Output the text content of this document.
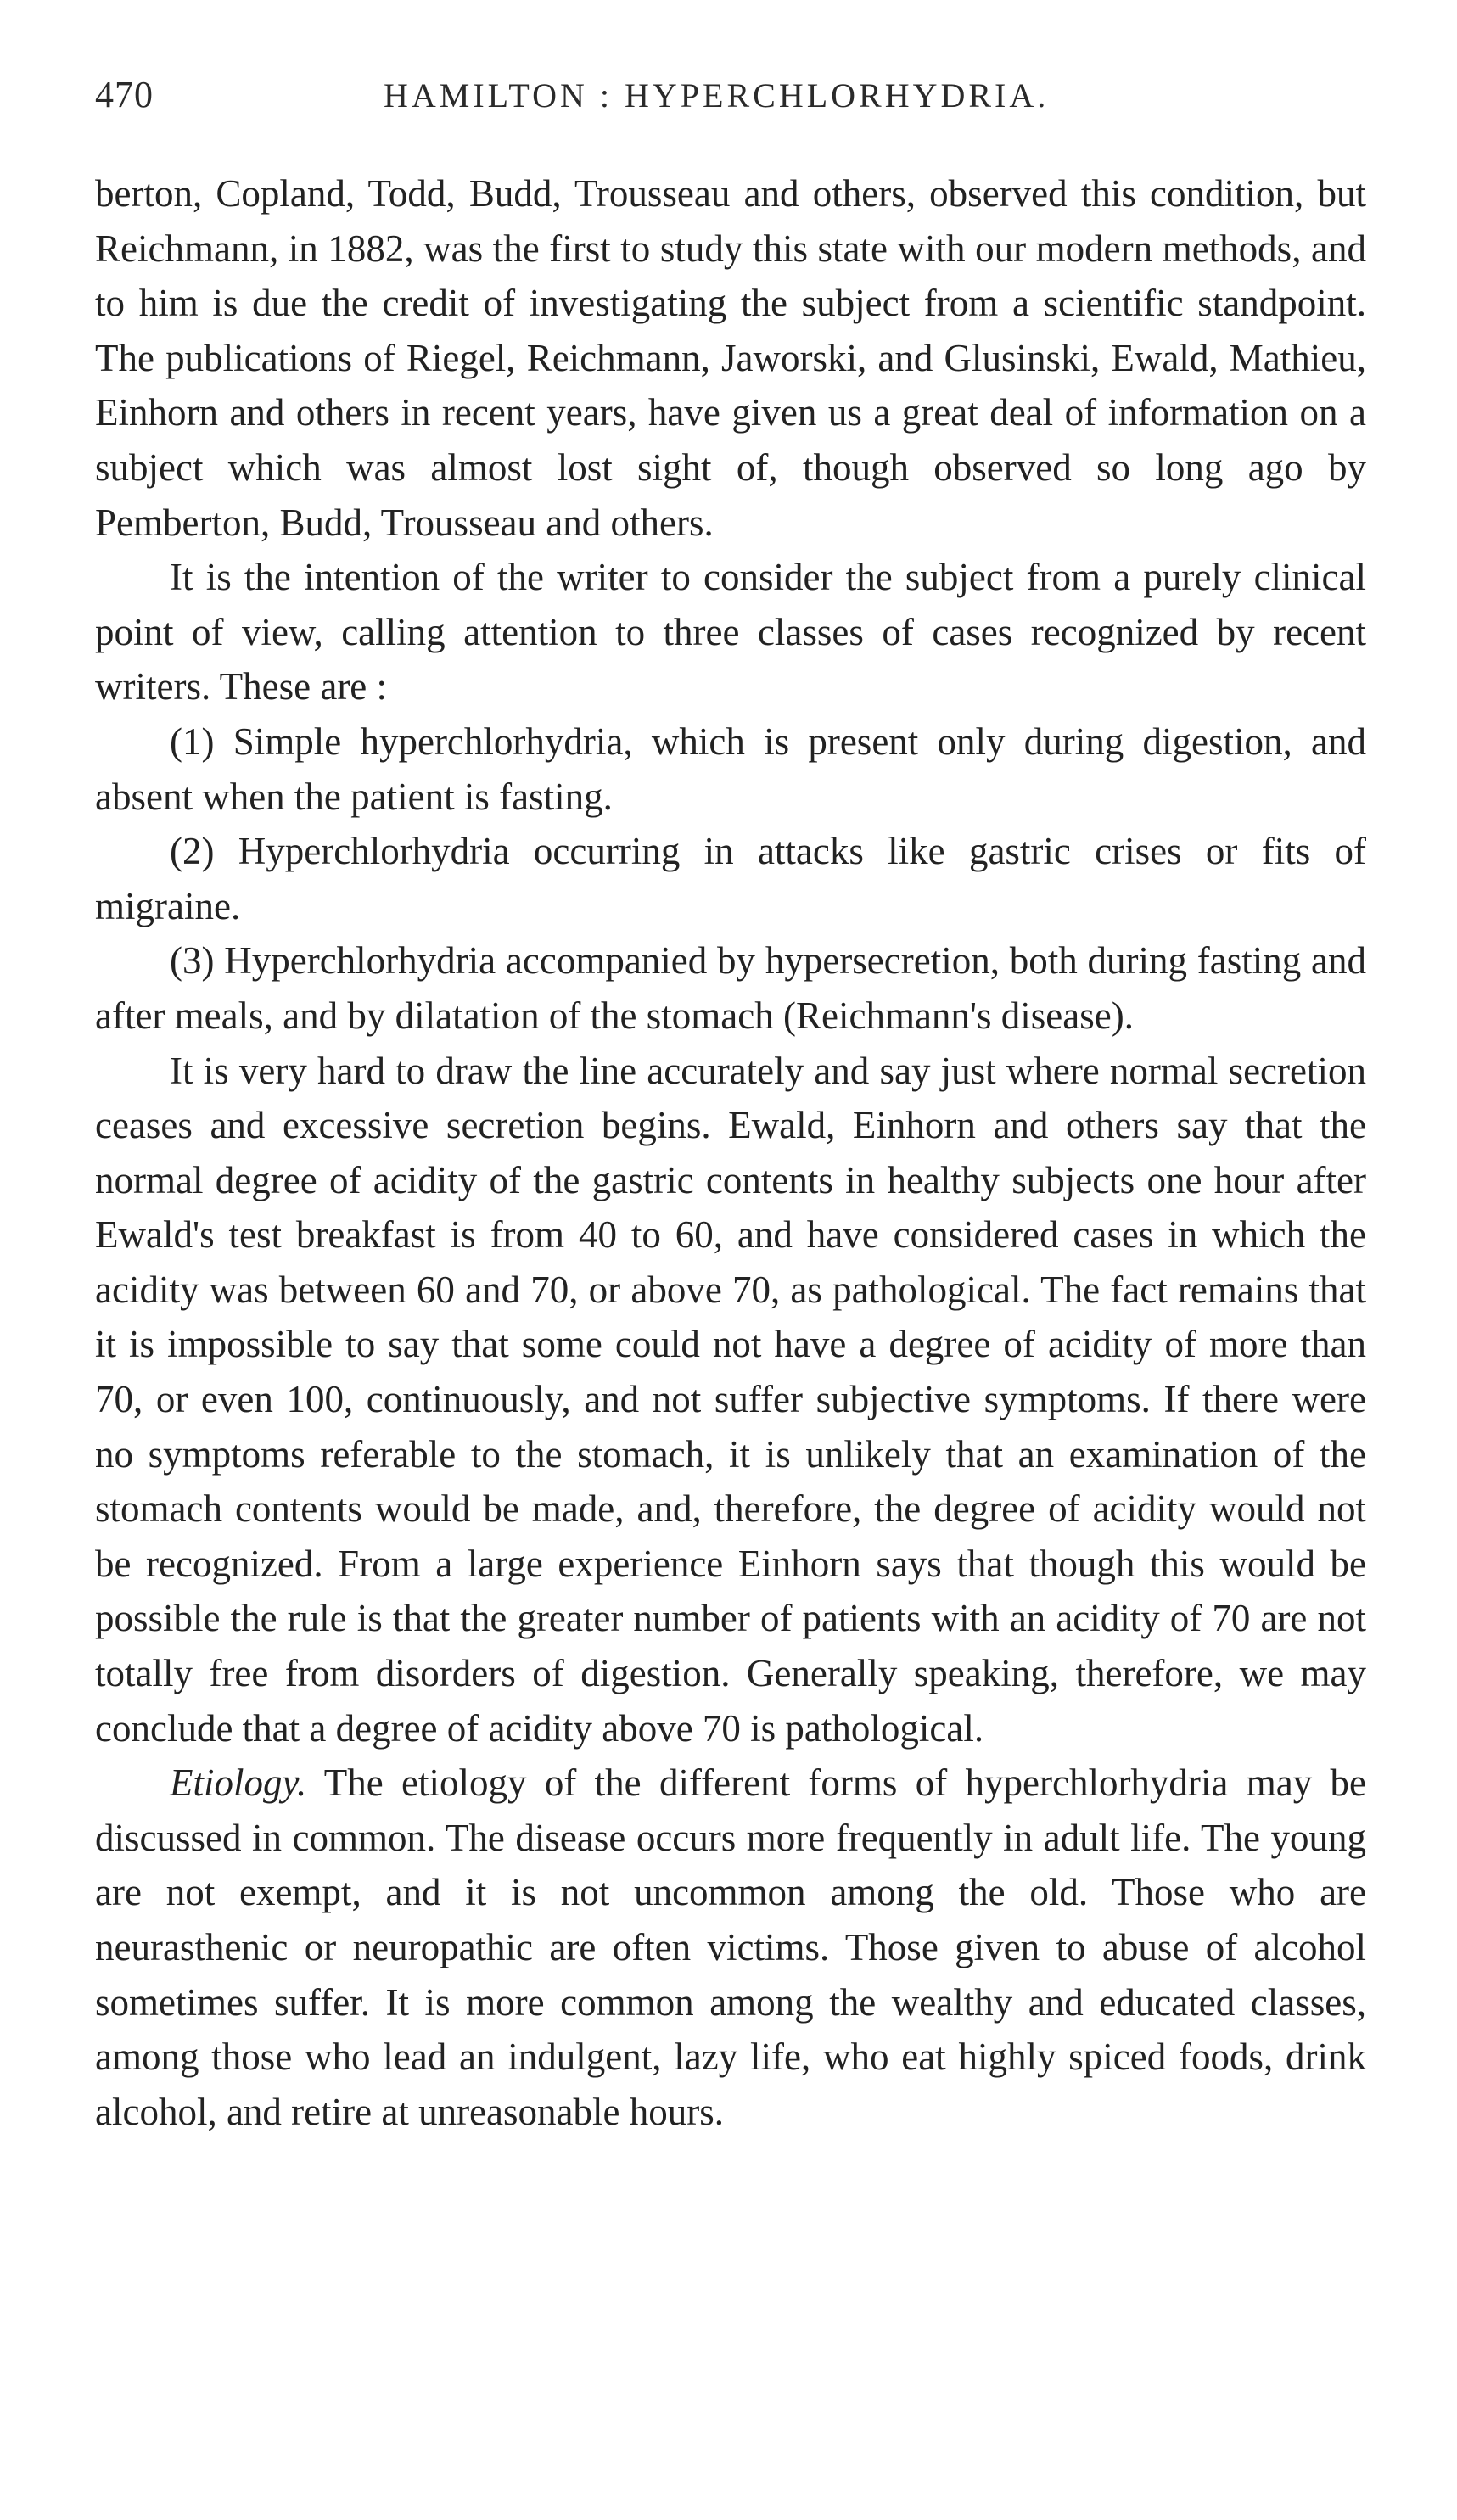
470	HAMILTON : HYPERCHLORHYDRIA.

berton, Copland, Todd, Budd, Trousseau and others, observed this condition, but Reichmann, in 1882, was the first to study this state with our modern methods, and to him is due the credit of investigating the subject from a scientific standpoint. The publications of Riegel, Reichmann, Jaworski, and Glusinski, Ewald, Mathieu, Einhorn and others in recent years, have given us a great deal of information on a subject which was almost lost sight of, though observed so long ago by Pemberton, Budd, Trousseau and others.

It is the intention of the writer to consider the subject from a purely clinical point of view, calling attention to three classes of cases recognized by recent writers. These are :

(1) Simple hyperchlorhydria, which is present only during digestion, and absent when the patient is fasting.

(2) Hyperchlorhydria occurring in attacks like gastric crises or fits of migraine.

(3) Hyperchlorhydria accompanied by hypersecretion, both during fasting and after meals, and by dilatation of the stomach (Reichmann's disease).

It is very hard to draw the line accurately and say just where normal secretion ceases and excessive secretion begins. Ewald, Einhorn and others say that the normal degree of acidity of the gastric contents in healthy subjects one hour after Ewald's test breakfast is from 40 to 60, and have considered cases in which the acidity was between 60 and 70, or above 70, as pathological. The fact remains that it is impossible to say that some could not have a degree of acidity of more than 70, or even 100, continuously, and not suffer subjective symptoms. If there were no symptoms referable to the stomach, it is unlikely that an examination of the stomach contents would be made, and, therefore, the degree of acidity would not be recognized. From a large experience Einhorn says that though this would be possible the rule is that the greater number of patients with an acidity of 70 are not totally free from disorders of digestion. Generally speaking, therefore, we may conclude that a degree of acidity above 70 is pathological.

Etiology. The etiology of the different forms of hyperchlorhydria may be discussed in common. The disease occurs more frequently in adult life. The young are not exempt, and it is not uncommon among the old. Those who are neurasthenic or neuropathic are often victims. Those given to abuse of alcohol sometimes suffer. It is more common among the wealthy and educated classes, among those who lead an indulgent, lazy life, who eat highly spiced foods, drink alcohol, and retire at unreasonable hours.
